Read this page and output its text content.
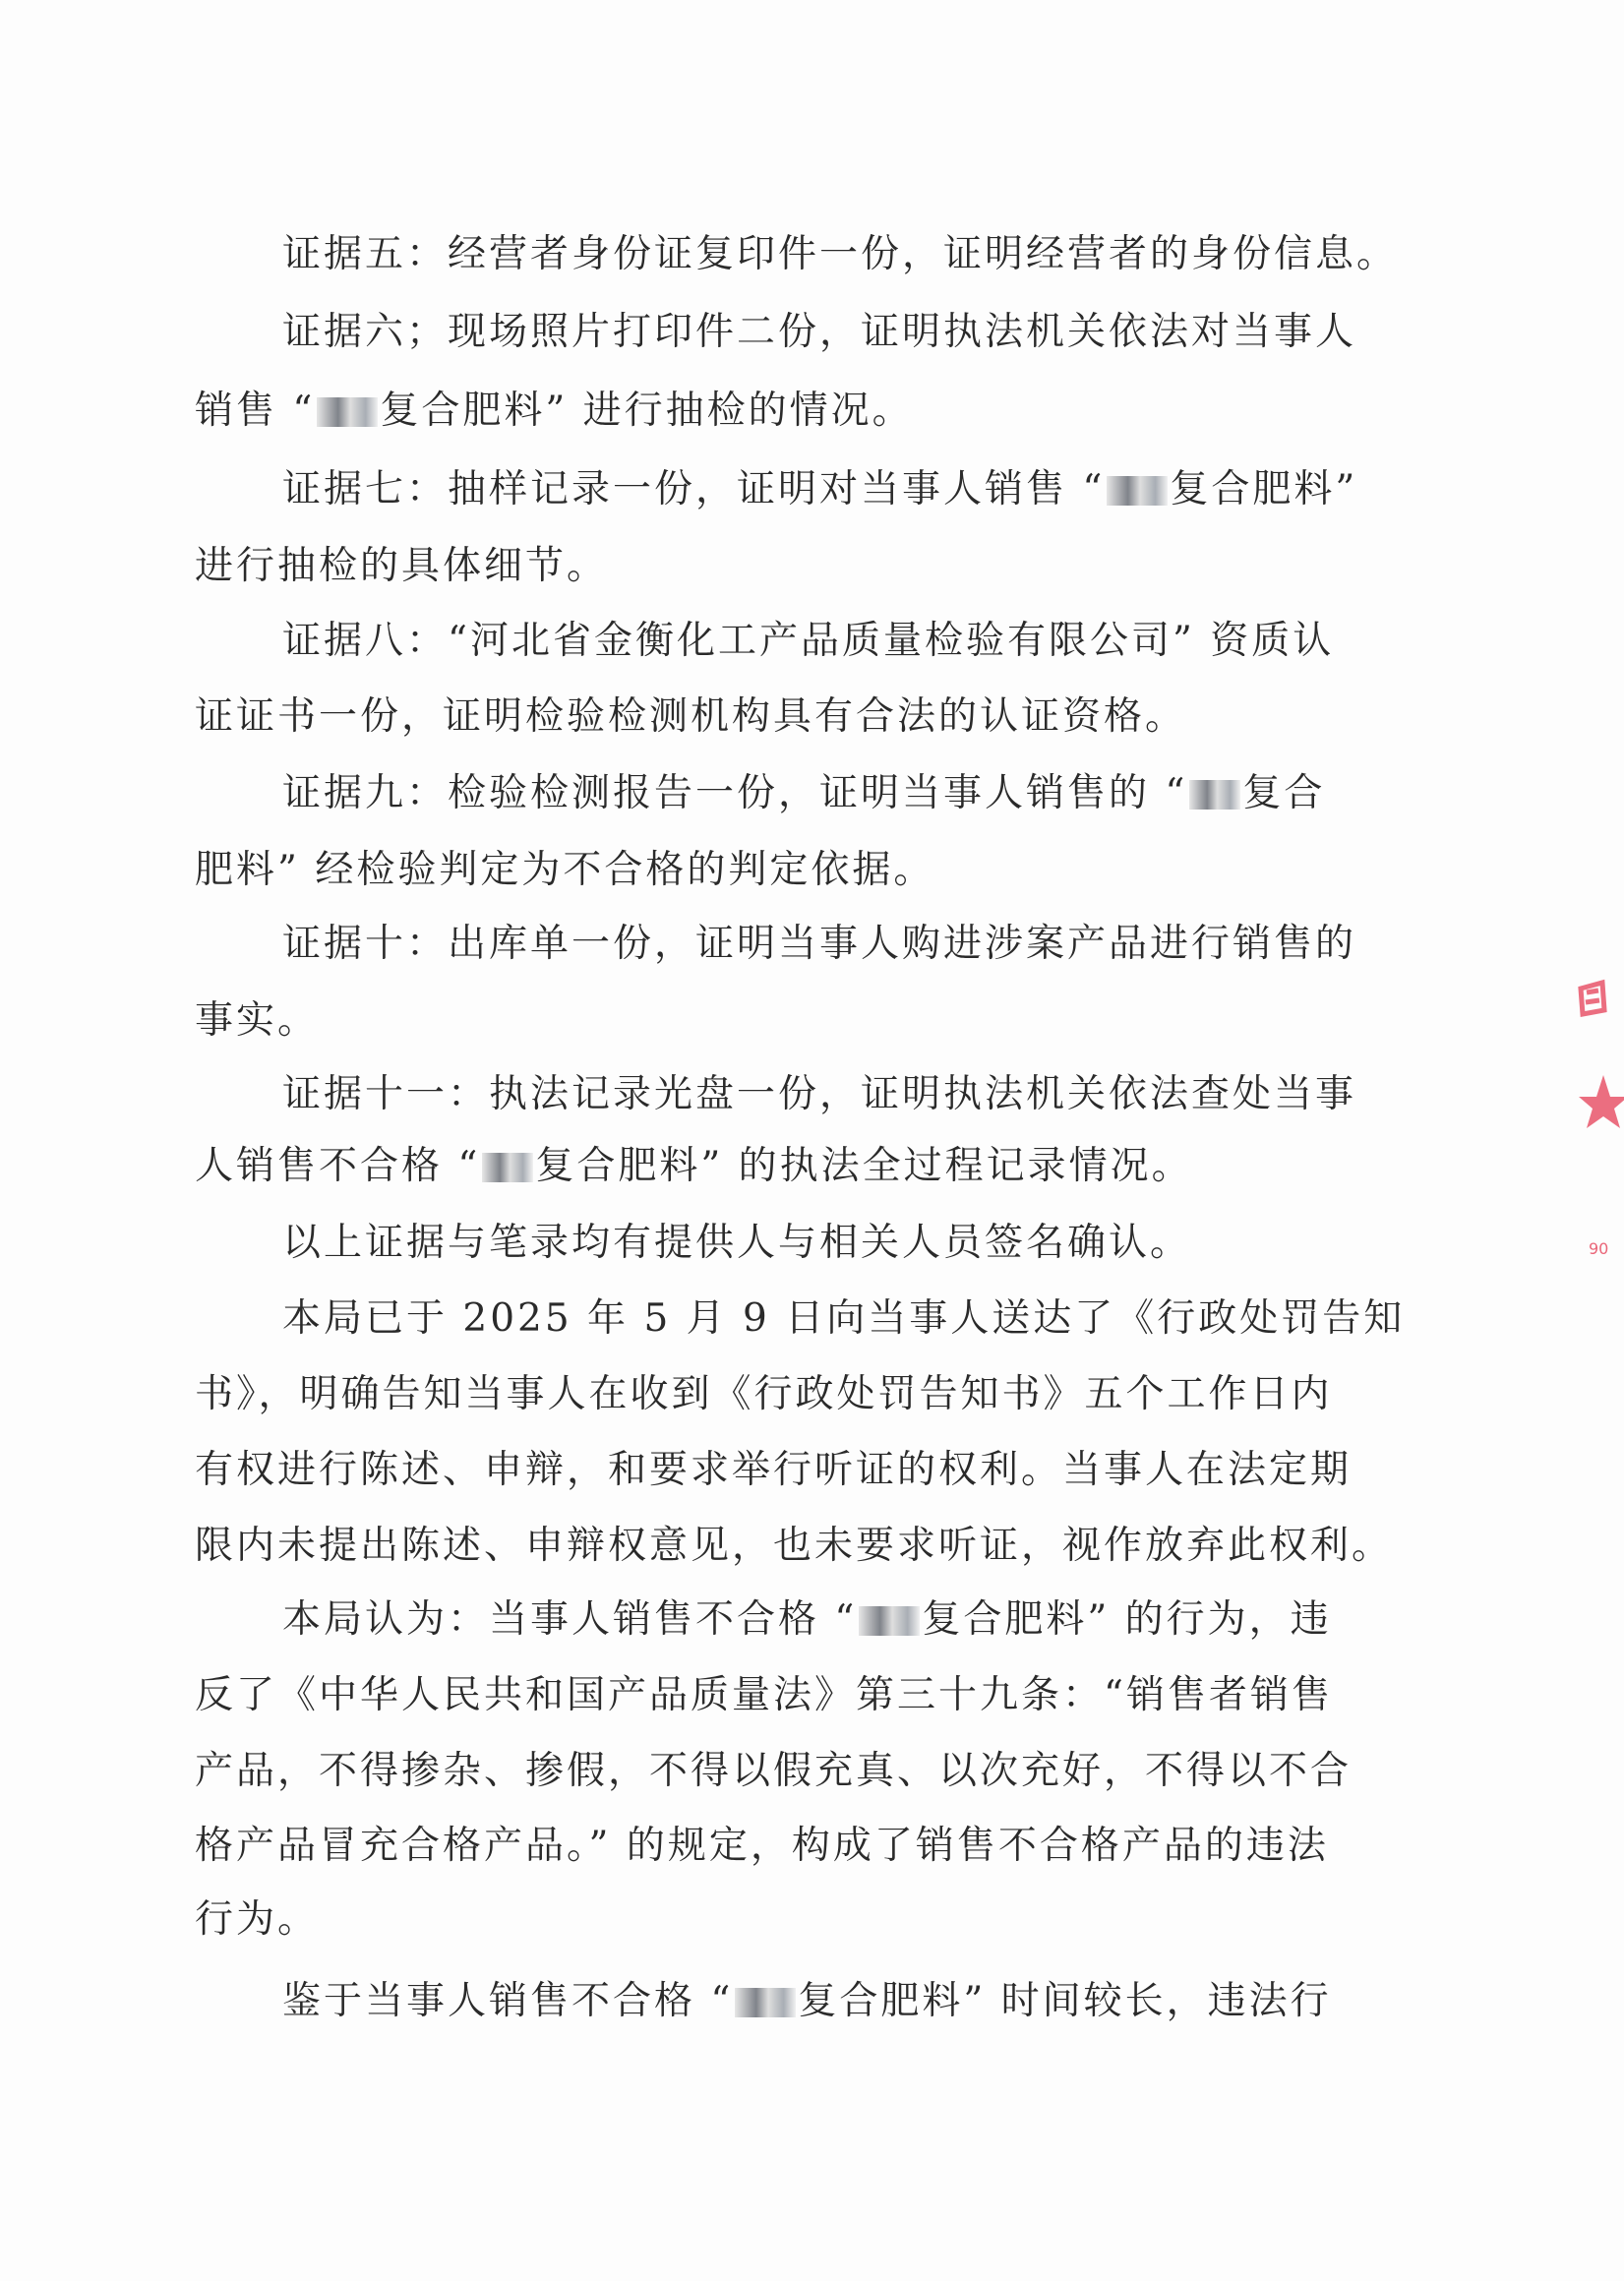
证据五：经营者身份证复印件一份，证明经营者的身份信息。
证据六；现场照片打印件二份，证明执法机关依法对当事人
销售 “ 复合肥料” 进行抽检的情况。
证据七：抽样记录一份，证明对当事人销售 “ 复合肥料”
进行抽检的具体细节。
证据八：“河北省金衡化工产品质量检验有限公司” 资质认
证证书一份，证明检验检测机构具有合法的认证资格。
证据九：检验检测报告一份，证明当事人销售的 “ 复合
肥料” 经检验判定为不合格的判定依据。
证据十：出库单一份，证明当事人购进涉案产品进行销售的
事实。
证据十一：执法记录光盘一份，证明执法机关依法查处当事
人销售不合格 “ 复合肥料” 的执法全过程记录情况。
以上证据与笔录均有提供人与相关人员签名确认。
本局已于 2025 年 5 月 9 日向当事人送达了《行政处罚告知
书》，明确告知当事人在收到《行政处罚告知书》五个工作日内
有权进行陈述、申辩，和要求举行听证的权利。当事人在法定期
限内未提出陈述、申辩权意见，也未要求听证，视作放弃此权利。
本局认为：当事人销售不合格 “ 复合肥料” 的行为，违
反了《中华人民共和国产品质量法》第三十九条：“销售者销售
产品，不得掺杂、掺假，不得以假充真、以次充好，不得以不合
格产品冒充合格产品。” 的规定，构成了销售不合格产品的违法
行为。
鉴于当事人销售不合格 “ 复合肥料” 时间较长，违法行
90
